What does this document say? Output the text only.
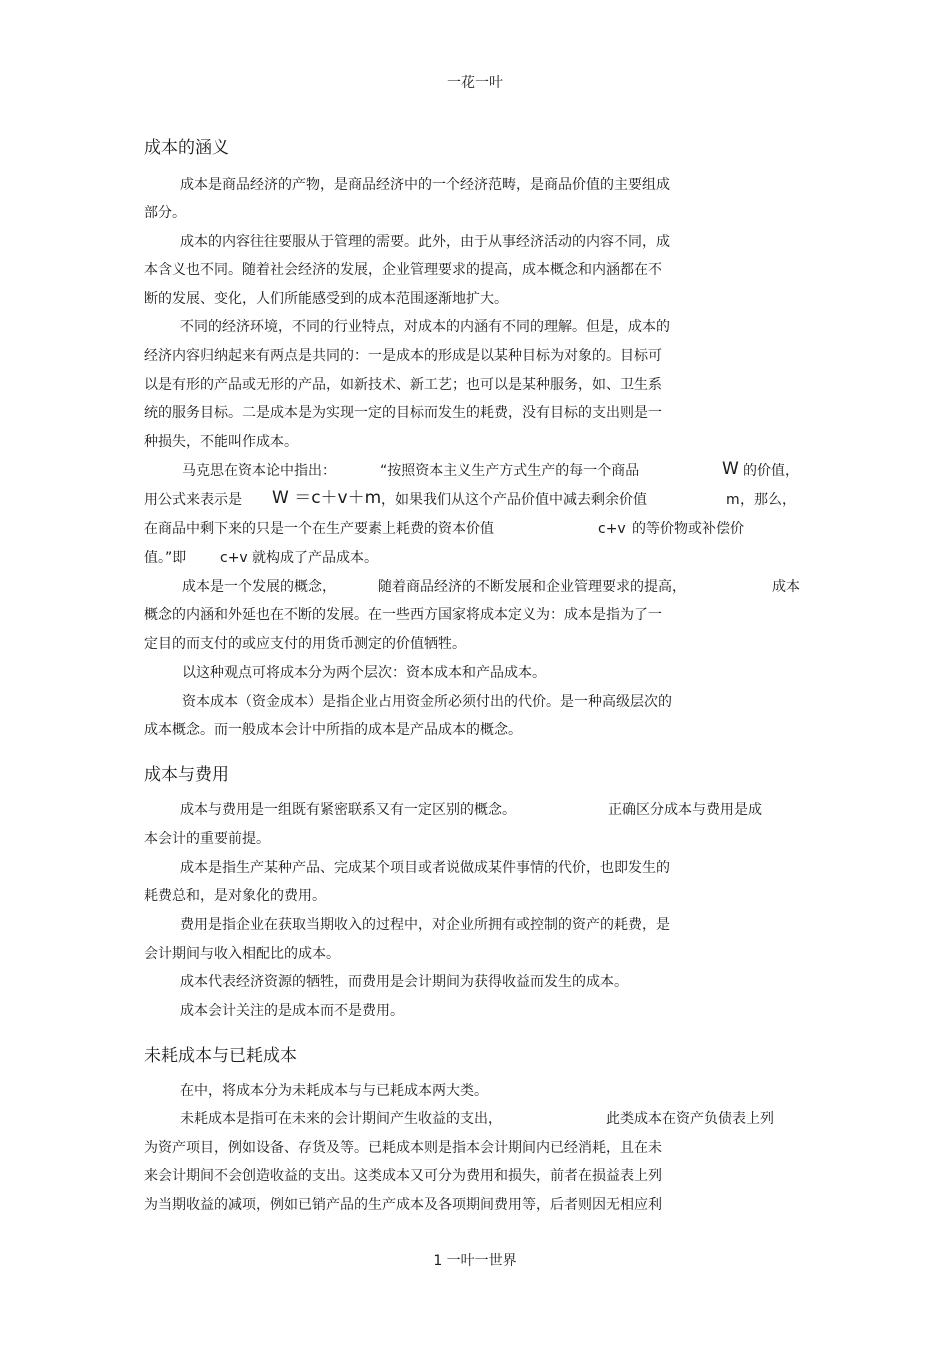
一花一叶
成本的涵义
成本是商品经济的产物，是商品经济中的一个经济范畴，是商品价值的主要组成
部分。
成本的内容往往要服从于管理的需要。此外，由于从事经济活动的内容不同，成
本含义也不同。随着社会经济的发展，企业管理要求的提高，成本概念和内涵都在不
断的发展、变化，人们所能感受到的成本范围逐渐地扩大。
不同的经济环境，不同的行业特点，对成本的内涵有不同的理解。但是，成本的
经济内容归纳起来有两点是共同的：一是成本的形成是以某种目标为对象的。目标可
以是有形的产品或无形的产品，如新技术、新工艺；也可以是某种服务，如、卫生系
统的服务目标。二是成本是为实现一定的目标而发生的耗费，没有目标的支出则是一
种损失，不能叫作成本。
马克思在资本论中指出：	“按照资本主义生产方式生产的每一个商品	W 的价值，
用公式来表示是 W ＝c＋v＋m ，如果我们从这个产品价值中减去剩余价值	m ，那么，
在商品中剩下来的只是一个在生产要素上耗费的资本价值	c+v 的等价物或补偿价
值。”即 c+v 就构成了产品成本。
成本是一个发展的概念，	随着商品经济的不断发展和企业管理要求的提高，	成本
概念的内涵和外延也在不断的发展。在一些西方国家将成本定义为：成本是指为了一
定目的而支付的或应支付的用货币测定的价值牺牲。
以这种观点可将成本分为两个层次：资本成本和产品成本。
资本成本（资金成本）是指企业占用资金所必须付出的代价。是一种高级层次的
成本概念。而一般成本会计中所指的成本是产品成本的概念。
成本与费用
成本与费用是一组既有紧密联系又有一定区别的概念。	正确区分成本与费用是成
本会计的重要前提。
成本是指生产某种产品、完成某个项目或者说做成某件事情的代价，也即发生的
耗费总和，是对象化的费用。
费用是指企业在获取当期收入的过程中，对企业所拥有或控制的资产的耗费，是
会计期间与收入相配比的成本。
成本代表经济资源的牺牲，而费用是会计期间为获得收益而发生的成本。
成本会计关注的是成本而不是费用。
未耗成本与已耗成本
在中，将成本分为未耗成本与与已耗成本两大类。
未耗成本是指可在未来的会计期间产生收益的支出，	此类成本在资产负债表上列
为资产项目，例如设备、存货及等。已耗成本则是指本会计期间内已经消耗，且在未
来会计期间不会创造收益的支出。这类成本又可分为费用和损失，前者在损益表上列
为当期收益的减项，例如已销产品的生产成本及各项期间费用等，后者则因无相应利
1 一叶一世界
